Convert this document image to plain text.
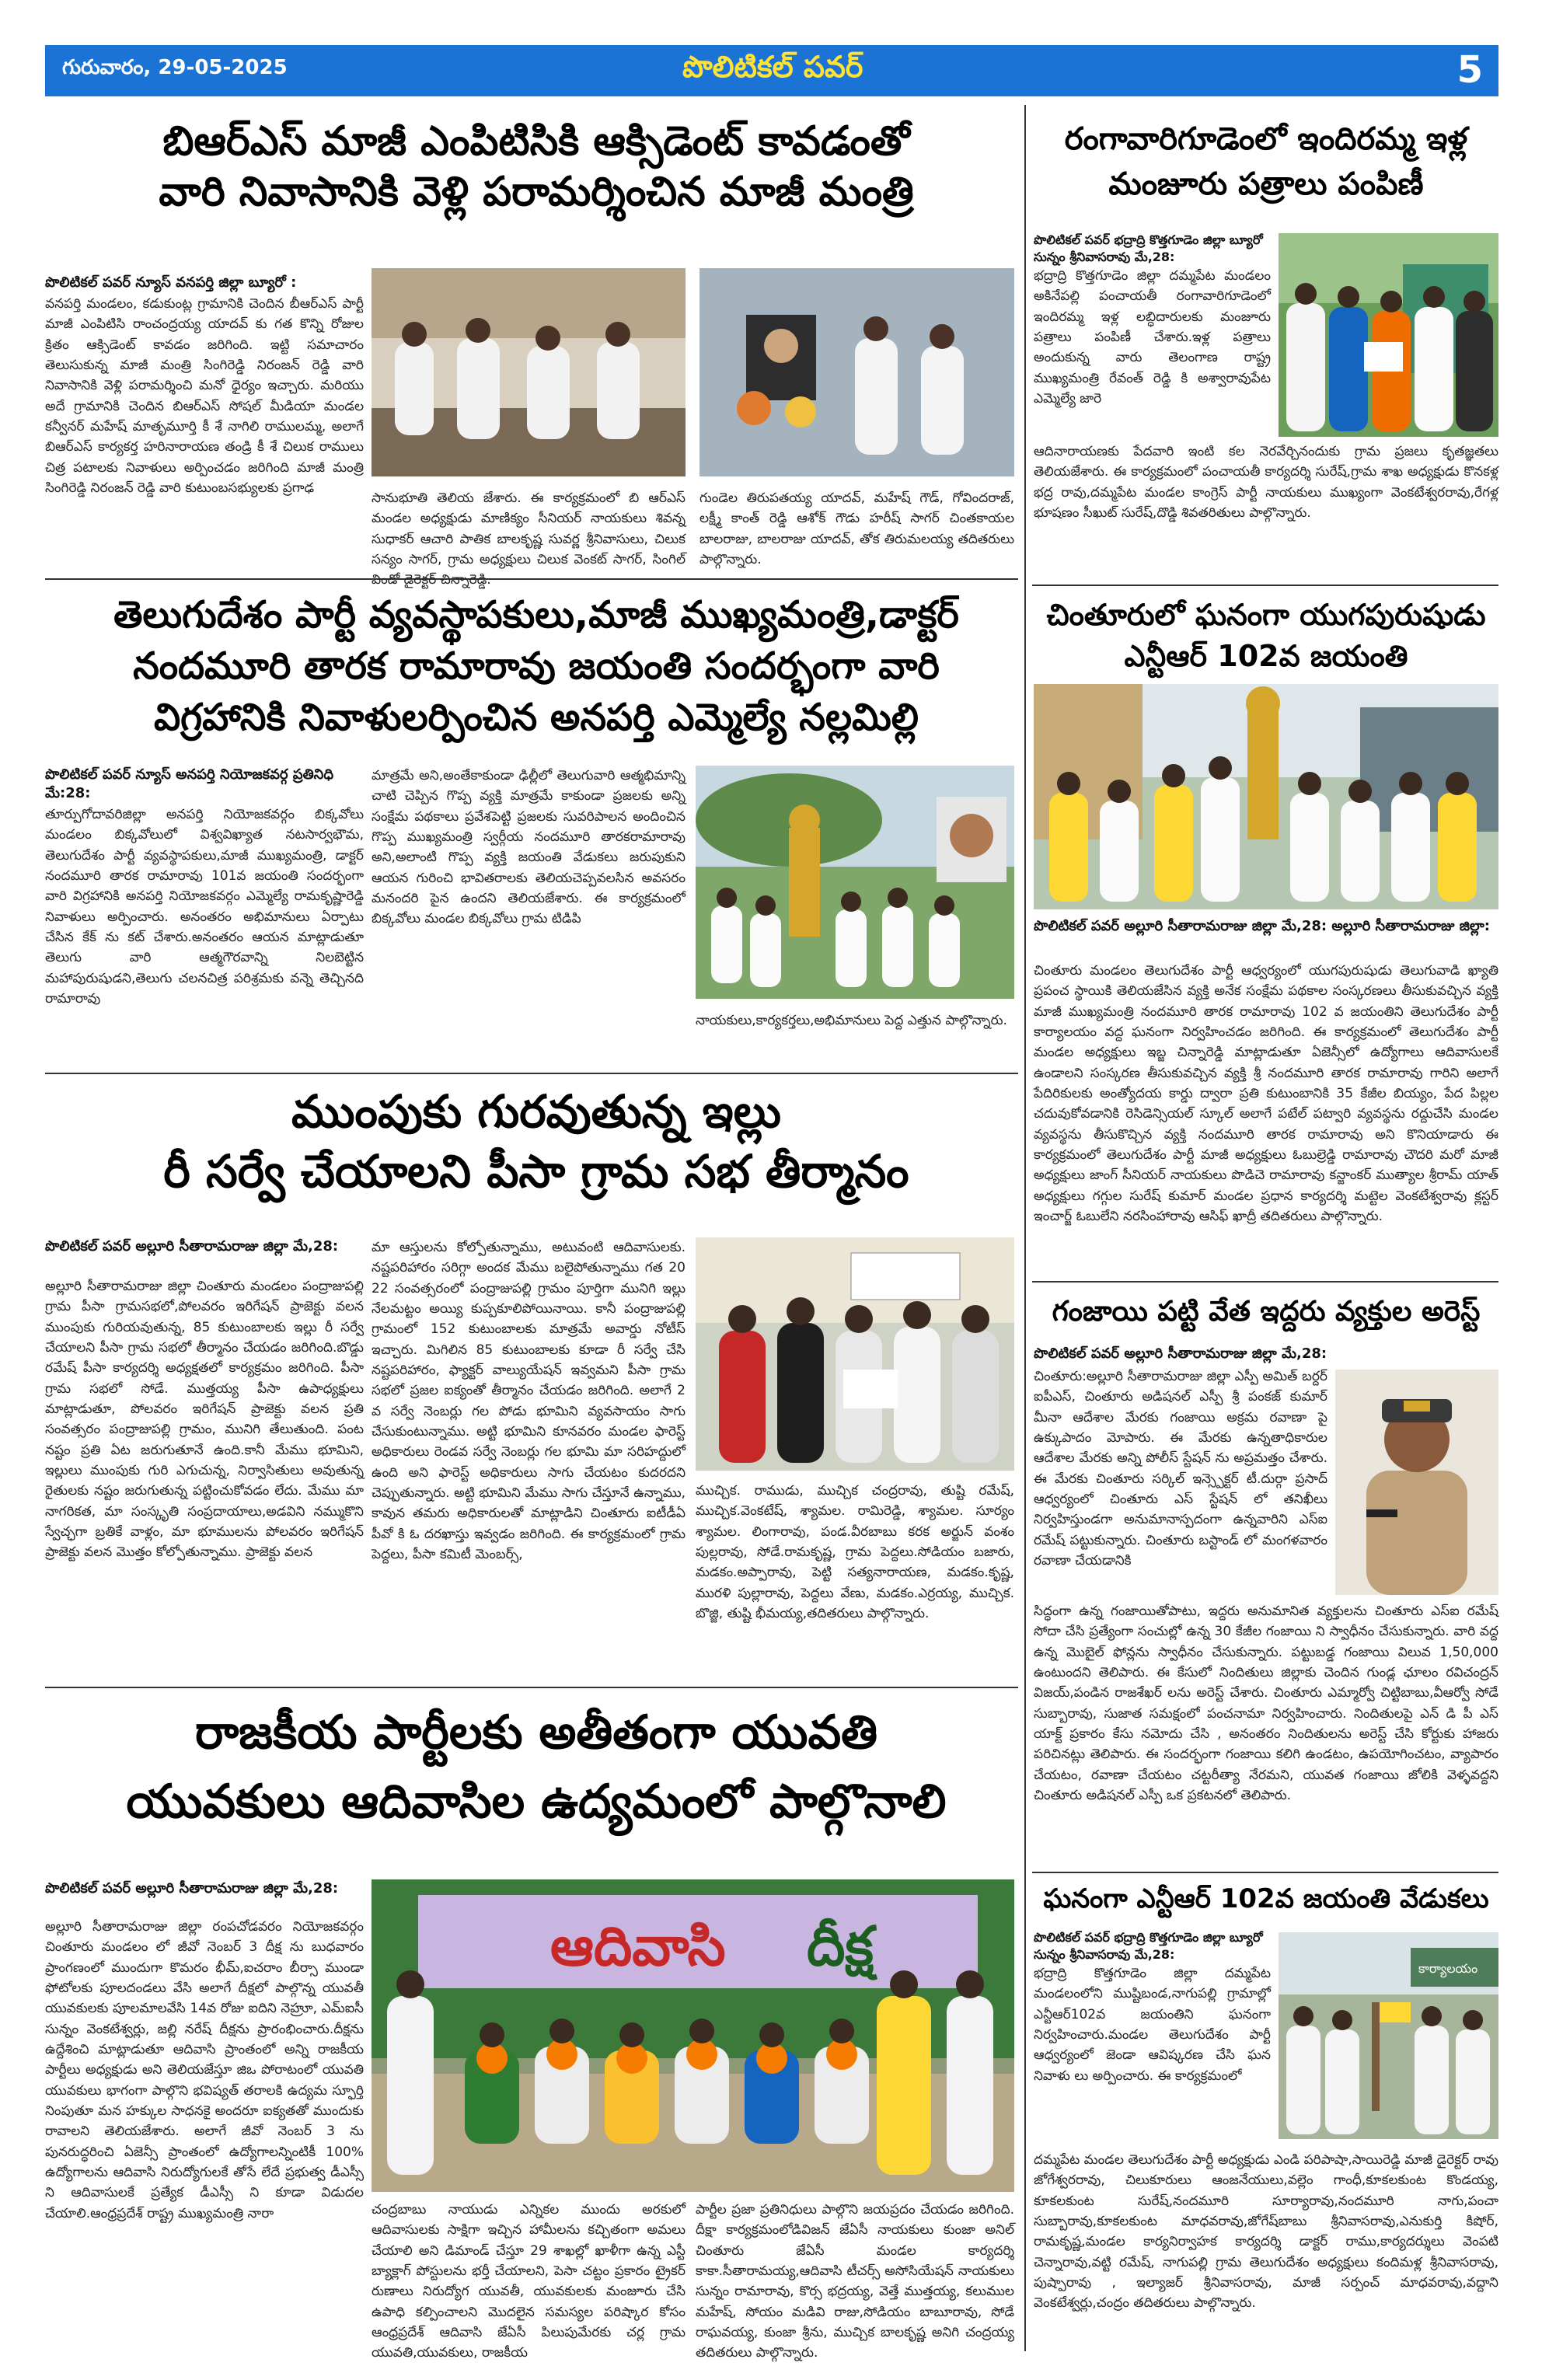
గురువారం, 29-05-2025	పొలిటికల్ పవర్	5
బిఆర్ఎస్ మాజీ ఎంపిటిసికి ఆక్సిడెంట్ కావడంతో
వారి నివాసానికి వెళ్లి పరామర్శించిన మాజీ మంత్రి
పొలిటికల్ పవర్ న్యూస్ వనపర్తి జిల్లా బ్యూరో :
వనపర్తి మండలం, కడుకుంట్ల గ్రామానికి చెందిన బీఆర్ఎస్ పార్టీ మాజీ ఎంపిటిసి రాంచంద్రయ్య యాదవ్ కు గత కొన్ని రోజుల క్రితం ఆక్సిడెంట్ కావడం జరిగింది. ఇట్టి సమాచారం తెలుసుకున్న మాజీ మంత్రి సింగిరెడ్డి నిరంజన్ రెడ్డి వారి నివాసానికి వెళ్లి పరామర్శించి మనో ధైర్యం ఇచ్చారు. మరియు అదే గ్రామానికి చెందిన బిఆర్ఎస్ సోషల్ మీడియా మండల కన్వీనర్ మహేష్ మాతృమూర్తి కీ శే నాగిలి రాములమ్మ, అలాగే బిఆర్ఎస్ కార్యకర్త హరినారాయణ తండ్రి కీ శే చిలుక రాములు చిత్ర పటాలకు నివాళులు అర్పించడం జరిగింది మాజీ మంత్రి సింగిరెడ్డి నిరంజన్ రెడ్డి వారి కుటుంబసభ్యులకు ప్రగాఢ
సానుభూతి తెలియ జేశారు. ఈ కార్యక్రమంలో బి ఆర్ఎస్ మండల అధ్యక్షుడు మాణిక్యం సీనియర్ నాయకులు శివన్న సుధాకర్ ఆచారి పాతిక బాలకృష్ణ సువర్ణ శ్రీనివాసులు, చిలుక సన్యం సాగర్, గ్రామ అధ్యక్షులు చిలుక వెంకట్ సాగర్, సింగిల్ విండో డైరెక్టర్ చిన్నారెడ్డి.
గుండెల తిరుపతయ్య యాదవ్, మహేష్ గౌడ్, గోవిందరాజ్, లక్ష్మీ కాంత్ రెడ్డి ఆశోక్ గౌడు హరీష్ సాగర్ చింతకాయల బాలరాజు, బాలరాజు యాదవ్, తోక తిరుమలయ్య తదితరులు పాల్గొన్నారు.
తెలుగుదేశం పార్టీ వ్యవస్థాపకులు,మాజీ ముఖ్యమంత్రి,డాక్టర్
నందమూరి తారక రామారావు జయంతి సందర్భంగా వారి
విగ్రహానికి నివాళులర్పించిన అనపర్తి ఎమ్మెల్యే నల్లమిల్లి
పొలిటికల్ పవర్ న్యూస్ అనపర్తి నియోజకవర్గ ప్రతినిధి మే:28:
తూర్పుగోదావరిజిల్లా అనపర్తి నియోజకవర్గం బిక్కవోలు మండలం బిక్కవోలులో విశ్వవిఖ్యాత నటసార్వభౌమ, తెలుగుదేశం పార్టీ వ్యవస్థాపకులు,మాజీ ముఖ్యమంత్రి, డాక్టర్ నందమూరి తారక రామారావు 101వ జయంతి సందర్భంగా వారి విగ్రహానికి అనపర్తి నియోజకవర్గం ఎమ్మెల్యే రామకృష్ణారెడ్డి నివాళులు అర్పించారు. అనంతరం అభిమానులు ఏర్పాటు చేసిన కేక్ ను కట్ చేశారు.అనంతరం ఆయన మాట్లాడుతూ తెలుగు వారి ఆత్మగౌరవాన్ని నిలబెట్టిన మహాపురుషుడని,తెలుగు చలనచిత్ర పరిశ్రమకు వన్నె తెచ్చినది రామారావు
మాత్రమే అని,అంతేకాకుండా ఢిల్లీలో తెలుగువారి ఆత్మభిమాన్ని చాటి చెప్పిన గొప్ప వ్యక్తి మాత్రమే కాకుండా ప్రజలకు అన్ని సంక్షేమ పథకాలు ప్రవేశపెట్టి ప్రజలకు సువరిపాలన అందించిన గొప్ప ముఖ్యమంత్రి స్వర్గీయ నందమూరి తారకరామారావు అని,అలాంటి గొప్ప వ్యక్తి జయంతి వేడుకలు జరుపుకుని ఆయన గురించి భావితరాలకు తెలియచెప్పవలసిన అవసరం మనందరి పైన ఉందని తెలియజేశారు. ఈ కార్యక్రమంలో బిక్కవోలు మండల బిక్కవోలు గ్రామ టిడిపి
నాయకులు,కార్యకర్తలు,అభిమానులు పెద్ద ఎత్తున పాల్గొన్నారు.
ముంపుకు గురవుతున్న ఇల్లు
రీ సర్వే చేయాలని పీసా గ్రామ సభ తీర్మానం
పొలిటికల్ పవర్ అల్లూరి సీతారామరాజు జిల్లా మే,28:
అల్లూరి సీతారామరాజు జిల్లా చింతూరు మండలం పంద్రాజుపల్లి గ్రామ పీసా గ్రామసభలో,పోలవరం ఇరిగేషన్ ప్రాజెక్టు వలన ముంపుకు గురియవుతున్న, 85 కుటుంబాలకు ఇల్లు రీ సర్వే చేయాలని పీసా గ్రామ సభలో తీర్మానం చేయడం జరిగింది.బొడ్డు రమేష్ పీసా కార్యదర్శి అధ్యక్షతలో కార్యక్రమం జరిగింది. పీసా గ్రామ సభలో సోడే. ముత్తయ్య పీసా ఉపాధ్యక్షులు మాట్లాడుతూ, పోలవరం ఇరిగేషన్ ప్రాజెక్టు వలన ప్రతి సంవత్సరం పంద్రాజుపల్లి గ్రామం, మునిగి తేలుతుంది. పంట నష్టం ప్రతి ఏట జరుగుతూనే ఉంది.కానీ మేము భూమిని, ఇల్లులు ముంపుకు గురి ఎగుచున్న, నిర్వాసితులు అవుతున్న రైతులకు నష్టం జరుగుతున్న పట్టించుకోవడం లేదు. మేము మా నాగరికత, మా సంస్కృతి సంప్రదాయాలు,అడవిని నమ్ముకొని స్వేచ్ఛగా బ్రతికే వాళ్లం, మా భూములను పోలవరం ఇరిగేషన్ ప్రాజెక్టు వలన మొత్తం కోల్పోతున్నాము. ప్రాజెక్టు వలన
మా ఆస్తులను కోల్పోతున్నాము, అటువంటి ఆదివాసులకు. నష్టపరిహారం సరిగ్గా అందక మేము బలైపోతున్నాము గత 20 22 సంవత్సరంలో పంద్రాజుపల్లి గ్రామం పూర్తిగా మునిగి ఇల్లు నేలమట్టం అయ్యి కుప్పకూలిపోయినాయి. కానీ పంద్రాజుపల్లి గ్రామంలో 152 కుటుంబాలకు మాత్రమే అవార్డు నోటీస్ ఇచ్చారు. మిగిలిన 85 కుటుంబాలకు కూడా రీ సర్వే చేసి నష్టపరిహారం, ఫ్యాక్టర్ వాల్యుయేషన్ ఇవ్వమని పీసా గ్రామ సభలో ప్రజల ఐక్యంతో తీర్మానం చేయడం జరిగింది. అలాగే 2 వ సర్వే నెంబర్లు గల పోడు భూమిని వ్యవసాయం సాగు చేసుకుంటున్నాము. అట్టి భూమిని కూనవరం మండల ఫారెస్ట్ అధికారులు రెండవ సర్వే నెంబర్లు గల భూమి మా సరిహద్దులో ఉంది అని ఫారెస్ట్ అధికారులు సాగు చేయటం కుదరదని చెప్పుతున్నారు. అట్టి భూమిని మేము సాగు చేస్తూనే ఉన్నాము, కావున తమరు అధికారులతో మాట్లాడిని చింతూరు ఐటీడీఏ పీవో కి ఓ దరఖాస్తు ఇవ్వడం జరిగింది. ఈ కార్యక్రమంలో గ్రామ పెద్దలు, పీసా కమిటీ మెంబర్స్,
ముచ్చిక. రాముడు, ముచ్చిక చంద్రరావు, తుష్టి రమేష్, ముచ్చిక.వెంకటేష్, శ్యామల. రామిరెడ్డి, శ్యామల. సూర్యం శ్యామల. లింగారావు, పండ.వీరబాబు కరక అర్జున్ వంశం పుల్లరావు, సోడే.రామకృష్ణ, గ్రామ పెద్దలు.సోడియం బజారు, మడకం.అప్పారావు, పెట్టి సత్యనారాయణ, మడకం.కృష్ణ, మురళి పుల్లారావు, పెద్దలు వేణు, మడకం.ఎర్రయ్య, ముచ్చిక. బొజ్జి, తుష్టి భీమయ్య,తదితరులు పాల్గొన్నారు.
రాజకీయ పార్టీలకు అతీతంగా యువతి
యువకులు ఆదివాసిల ఉద్యమంలో పాల్గొనాలి
పొలిటికల్ పవర్ అల్లూరి సీతారామరాజు జిల్లా మే,28:
అల్లూరి సీతారామరాజు జిల్లా రంపచోడవరం నియోజకవర్గం చింతూరు మండలం లో జీవో నెంబర్ 3 దీక్ష ను బుధవారం ప్రాంగణంలో ముందుగా కొమరం భీమ్,ఐచరాం బీర్సా ముండా ఫోటోలకు పూలదండలు వేసి అలాగే దీక్షలో పాల్గొన్న యువతీ యువకులకు పూలమాలవేసి 14వ రోజు ఐదిని నెహ్రూ, ఎమ్ఐసీ సున్నం వెంకటేశ్వర్లు, జల్లి నరేష్ దీక్షను ప్రారంభించారు.దీక్షను ఉద్దేశించి మాట్లాడుతూ ఆదివాసి ప్రాంతంలో అన్ని రాజకీయ పార్టీలు అధ్యక్షుడు అని తెలియజేస్తూ జిఒ పోరాటంలో యువతి యువకులు భాగంగా పాల్గొని భవిష్యత్ తరాలకి ఉద్యమ స్ఫూర్తి నింపుతూ మన హక్కుల సాధనకై అందరూ ఐక్యతతో ముందుకు రావాలని తెలియజేశారు. అలాగే జీవో నెంబర్ 3 ను పునరుద్ధరించి ఏజెన్సీ ప్రాంతంలో ఉద్యోగాలన్నింటికీ 100% ఉద్యోగాలను ఆదివాసి నిరుద్యోగులకే తోసే లేదే ప్రభుత్వ డీఎస్సీ ని ఆదివాసులకే ప్రత్యేక డీఎస్సీ ని కూడా విడుదల చేయాలి.ఆంధ్రప్రదేశ్ రాష్ట్ర ముఖ్యమంత్రి నారా
ఆదివాసి దీక్ష
చంద్రబాబు నాయుడు ఎన్నికల ముందు అరకులో ఆదివాసులకు సాక్షిగా ఇచ్చిన హామీలను కచ్చితంగా అమలు చేయాలి అని డిమాండ్ చేస్తూ 29 శాఖల్లో ఖాళీగా ఉన్న ఎస్టీ బ్యాక్లాగ్ పోస్టులను భర్తీ చేయాలని, పెసా చట్టం ప్రకారం ట్రైకర్ రుణాలు నిరుద్యోగ యువతీ, యువకులకు మంజూరు చేసి ఉపాధి కల్పించాలని మొదలైన సమస్యల పరిష్కార కోసం ఆంధ్రప్రదేశ్ ఆదివాసి జేఏసీ పిలుపుమేరకు చర్ల గ్రామ యువతి,యువకులు, రాజకీయ
పార్టీల ప్రజా ప్రతినిధులు పాల్గొని జయప్రదం చేయడం జరిగింది. దీక్షా కార్యక్రమంలోడివిజన్ జేఏసీ నాయకులు కుంజా అనిల్ చింతూరు జేఏసీ మండల కార్యదర్శి కాకా.సీతారామయ్య,ఆదివాసి టీచర్స్ అసోసియేషన్ నాయకులు సున్నం రామారావు, కొర్స భద్రయ్య, వెత్తే ముత్తయ్య, కలుముల మహేష్, సోయం మడివి రాజు,సోడియం బాబూరావు, సోడే రాఘవయ్య, కుంజా శ్రీను, ముచ్చిక బాలకృష్ణ అనిగి చంద్రయ్య తదితరులు పాల్గొన్నారు.
రంగావారిగూడెంలో ఇందిరమ్మ ఇళ్ల
మంజూరు పత్రాలు పంపిణీ
పొలిటికల్ పవర్ భద్రాద్రి కొత్తగూడెం జిల్లా బ్యూరో సున్నం శ్రీనివాసరావు మే,28:
భద్రాద్రి కొత్తగూడెం జిల్లా దమ్మపేట మండలం అకినేపల్లి పంచాయతీ రంగావారిగూడెంలో ఇందిరమ్మ ఇళ్ల లబ్ధిదారులకు మంజూరు పత్రాలు పంపిణీ చేశారు.ఇళ్ల పత్రాలు అందుకున్న వారు తెలంగాణ రాష్ట్ర ముఖ్యమంత్రి రేవంత్ రెడ్డి కి అశ్వారావుపేట ఎమ్మెల్యే జారె
ఆదినారాయణకు పేదవారి ఇంటి కల నెరవేర్చినందుకు గ్రామ ప్రజలు కృతజ్ఞతలు తెలియజేశారు. ఈ కార్యక్రమంలో పంచాయతీ కార్యదర్శి సురేష్,గ్రామ శాఖ అధ్యక్షుడు కొనకళ్ల భద్ర రావు,దమ్మపేట మండల కాంగ్రెస్ పార్టీ నాయకులు ముఖ్యంగా వెంకటేశ్వరరావు,రేగళ్ల భూషణం సీఖుట్ సురేష్,దొడ్డి శివతరితులు పాల్గొన్నారు.
చింతూరులో ఘనంగా యుగపురుషుడు
ఎన్టీఆర్ 102వ జయంతి
పొలిటికల్ పవర్ అల్లూరి సీతారామరాజు జిల్లా మే,28: అల్లూరి సీతారామరాజు జిల్లా:
చింతూరు మండలం తెలుగుదేశం పార్టీ ఆధ్వర్యంలో యుగపురుషుడు తెలుగువాడి ఖ్యాతి ప్రపంచ స్థాయికి తెలియజేసిన వ్యక్తి అనేక సంక్షేమ పథకాల సంస్కరణలు తీసుకువచ్చిన వ్యక్తి మాజీ ముఖ్యమంత్రి నందమూరి తారక రామారావు 102 వ జయంతిని తెలుగుదేశం పార్టీ కార్యాలయం వద్ద ఘనంగా నిర్వహించడం జరిగింది. ఈ కార్యక్రమంలో తెలుగుదేశం పార్టీ మండల అధ్యక్షులు ఇబ్జ చిన్నారెడ్డి మాట్లాడుతూ ఏజెన్సీలో ఉద్యోగాలు ఆదివాసులకే ఉండాలని సంస్కరణ తీసుకువచ్చిన వ్యక్తి శ్రీ నందమూరి తారక రామారావు గారిని అలాగే పేదిరికులకు అంత్యోదయ కార్డు ద్వారా ప్రతి కుటుంబానికి 35 కేజీల బియ్యం, పేద పిల్లల చదువుకోవడానికి రెసిడెన్సియల్ స్కూల్ అలాగే పటేల్ పట్వారి వ్యవస్థను రద్దుచేసి మండల వ్యవస్థను తీసుకొచ్చిన వ్యక్తి నందమూరి తారక రామారావు అని కొనియాడారు ఈ కార్యక్రమంలో తెలుగుదేశం పార్టీ మాజీ అధ్యక్షులు ఓబుల్రెడ్డి రామారావు చౌదరి మరో మాజీ అధ్యక్షులు జాంగ్ సీనియర్ నాయకులు పొడిచె రామారావు కన్జాంకర్ ముత్యాల శ్రీరామ్ యాత్ అధ్యక్షులు గగ్గుల సురేష్ కుమార్ మండల ప్రధాన కార్యదర్శి మట్టెల వెంకటేశ్వరావు క్లస్టర్ ఇంచార్జ్ ఓబులేని నరసింహారావు ఆసిఫ్ ఖాద్రీ తదితరులు పాల్గొన్నారు.
గంజాయి పట్టి వేత ఇద్దరు వ్యక్తుల అరెస్ట్
పొలిటికల్ పవర్ అల్లూరి సీతారామరాజు జిల్లా మే,28:
చింతూరు:అల్లూరి సీతారామరాజు జిల్లా ఎస్పీ అమిత్ బర్దర్ ఐపీఎస్, చింతూరు అడిషనల్ ఎస్పీ శ్రీ పంకజ్ కుమార్ మీనా ఆదేశాల మేరకు గంజాయి అక్రమ రవాణా పై ఉక్కుపాదం మోపారు. ఈ మేరకు ఉన్నతాధికారుల ఆదేశాల మేరకు అన్ని పోలీస్ స్టేషన్ ను అప్రమత్తం చేశారు. ఈ మేరకు చింతూరు సర్కిల్ ఇన్స్పెక్టర్ టీ.దుర్గా ప్రసాద్ ఆధ్వర్యంలో చింతూరు ఎస్ స్టేషన్ లో తనిఖీలు నిర్వహిస్తుండగా అనుమానాస్పదంగా ఉన్నవారిని ఎస్ఐ రమేష్ పట్టుకున్నారు. చింతూరు బస్టాండ్ లో మంగళవారం రవాణా చేయడానికి
సిద్ధంగా ఉన్న గంజాయితోపాటు, ఇద్దరు అనుమానిత వ్యక్తులను చింతూరు ఎస్ఐ రమేష్ సోదా చేసి ప్రత్యేంగా సంచుల్లో ఉన్న 30 కేజీల గంజాయి ని స్వాధీనం చేసుకున్నారు. వారి వద్ద ఉన్న మొబైల్ ఫోన్లను స్వాధీనం చేసుకున్నారు. పట్టుబడ్డ గంజాయి విలువ 1,50,000 ఉంటుందని తెలిపారు. ఈ కేసులో నిందితులు జిల్లాకు చెందిన గుండ్ల ఛూలం రవిచంద్రన్ విజయ్,పండిన రాజశేఖర్ లను అరెస్ట్ చేశారు. చింతూరు ఎమ్మార్వో చిట్టిబాబు,వీఆర్వో సోడే సుబ్బారావు, సుజాత సమక్షంలో పంచనామా నిర్వహించారు. నిందితులపై ఎన్ డి పీ ఎస్ యాక్ట్ ప్రకారం కేసు నమోదు చేసి , అనంతరం నిందితులను అరెస్ట్ చేసి కోర్టుకు హాజరు పరిచినట్లు తెలిపారు. ఈ సందర్భంగా గంజాయి కలిగి ఉండటం, ఉపయోగించటం, వ్యాపారం చేయటం, రవాణా చేయటం చట్టరీత్యా నేరమని, యువత గంజాయి జోలికి వెళ్ళవద్దని చింతూరు అడిషనల్ ఎస్పీ ఒక ప్రకటనలో తెలిపారు.
ఘనంగా ఎన్టీఆర్ 102వ జయంతి వేడుకలు
పొలిటికల్ పవర్ భద్రాద్రి కొత్తగూడెం జిల్లా బ్యూరో సున్నం శ్రీనివాసరావు మే,28:
భద్రాద్రి కొత్తగూడెం జిల్లా దమ్మపేట మండలంలోని ముష్టిబండ,నాగుపల్లి గ్రామాల్లో ఎన్టీఆర్102వ జయంతిని ఘనంగా నిర్వహించారు.మండల తెలుగుదేశం పార్టీ ఆధ్వర్యంలో జెండా ఆవిష్కరణ చేసి ఘన నివాళు లు అర్పించారు. ఈ కార్యక్రమంలో
కార్యాలయం
దమ్మపేట మండల తెలుగుదేశం పార్టీ అధ్యక్షుడు ఎండి పరిపాషా,సాయిరెడ్డి మాజీ డైరెక్టర్ రావు జోగేశ్వరరావు, చిలుకూరులు ఆంజనేయులు,వల్లెం గాంధీ,కూకలకుంట కొండయ్య, కూకలకుంట సురేష్,నందమూరి సూర్యారావు,నందమూరి నాగు,పంచా సుబ్బారావు,కూకలకుంట మాధవరావు,జోగేష్‌బాబు శ్రీనివాసరావు,ఎనుకుర్తి కిషోర్, రామకృష్ణ,మండల కార్యనిర్వాహక కార్యదర్శి డాక్టర్ రాము,కార్యదర్శులు వెంపటి చెన్నారావు,వట్టి రమేష్, నాగుపల్లి గ్రామ తెలుగుదేశం అధ్యక్షులు కందిమళ్ల శ్రీనివాసరావు, పుష్పారావు , ఇల్యాజర్ శ్రీనివాసరావు, మాజీ సర్పంచ్ మాధవరావు,వద్దాని వెంకటేశ్వర్లు,చంద్రం తదితరులు పాల్గొన్నారు.
